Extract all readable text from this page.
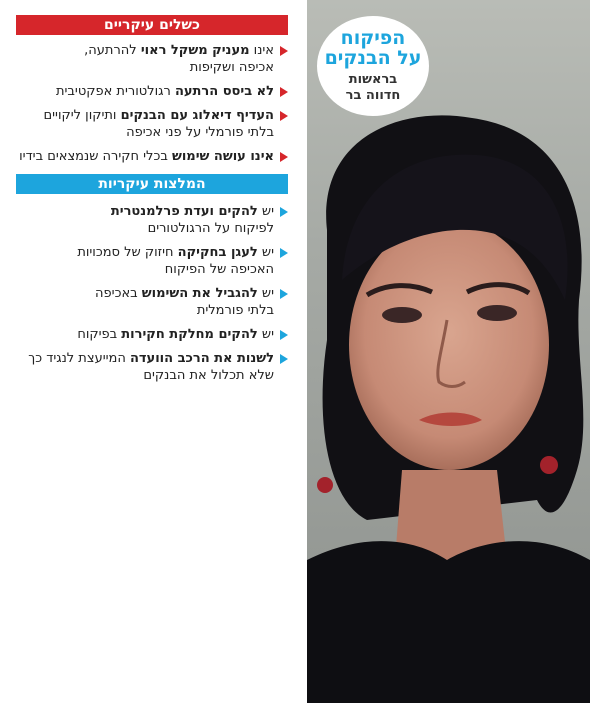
הפיקוח
על הבנקים
בראשות
חדווה בר
כשלים עיקריים
אינו מעניק משקל ראוי להרתעה,
אכיפה ושקיפות
לא ביסס הרתעה רגולטורית אפקטיבית
העדיף דיאלוג עם הבנקים ותיקון ליקויים
בלתי פורמלי על פני אכיפה
אינו עושה שימוש בכלי חקירה שנמצאים בידיו
המלצות עיקריות
יש להקים ועדת פרלמנטרית
לפיקוח על הרגולטורים
יש לעגן בחקיקה חיזוק של סמכויות
האכיפה של הפיקוח
יש להגביל את השימוש באכיפה
בלתי פורמלית
יש להקים מחלקת חקירות בפיקוח
לשנות את הרכב הוועדה המייעצת לנגיד כך
שלא תכלול את הבנקים
